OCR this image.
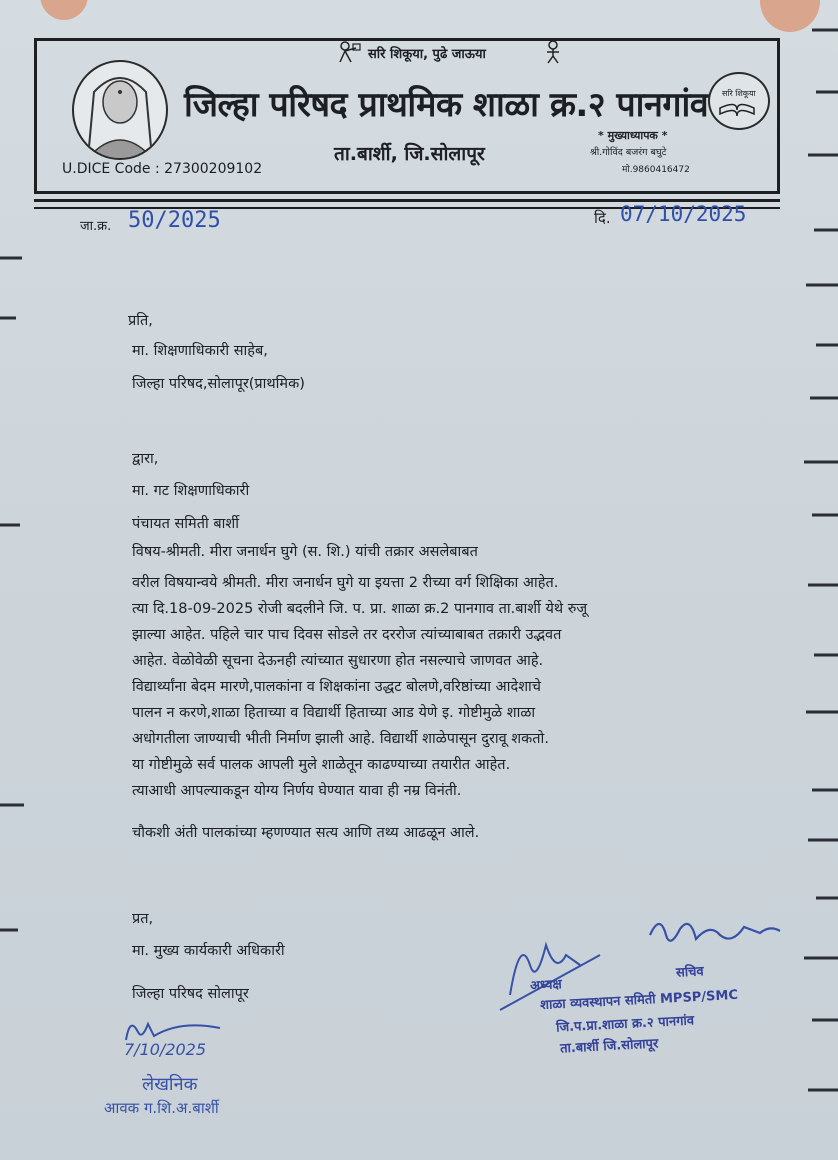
सरि शिकूया, पुढे जाऊया
जिल्हा परिषद प्राथमिक शाळा क्र.२ पानगांव
ता.बार्शी, जि.सोलापूर
U.DICE Code : 27300209102
सरि शिकूया
* मुख्याध्यापक *
श्री.गोविंद बजरंग बघुटे
मो.9860416472
जा.क्र. 50/2025	दि. 07/10/2025
प्रति,
मा. शिक्षणाधिकारी साहेब,
जिल्हा परिषद,सोलापूर(प्राथमिक)
द्वारा,
मा. गट शिक्षणाधिकारी
पंचायत समिती बार्शी
विषय-श्रीमती. मीरा जनार्धन घुगे (स. शि.) यांची तक्रार असलेबाबत
वरील विषयान्वये श्रीमती. मीरा जनार्धन घुगे या इयत्ता 2 रीच्या वर्ग शिक्षिका आहेत.
त्या दि.18-09-2025 रोजी बदलीने जि. प. प्रा. शाळा क्र.2 पानगाव ता.बार्शी येथे रुजू
झाल्या आहेत. पहिले चार पाच दिवस सोडले तर दररोज त्यांच्याबाबत तक्रारी उद्भवत
आहेत. वेळोवेळी सूचना देऊनही त्यांच्यात सुधारणा होत नसल्याचे जाणवत आहे.
विद्यार्थ्यांना बेदम मारणे,पालकांना व शिक्षकांना उद्धट बोलणे,वरिष्ठांच्या आदेशाचे
पालन न करणे,शाळा हिताच्या व विद्यार्थी हिताच्या आड येणे इ. गोष्टीमुळे शाळा
अधोगतीला जाण्याची भीती निर्माण झाली आहे. विद्यार्थी शाळेपासून दुरावू शकतो.
या गोष्टीमुळे सर्व पालक आपली मुले शाळेतून काढण्याच्या तयारीत आहेत.
त्याआधी आपल्याकडून योग्य निर्णय घेण्यात यावा ही नम्र विनंती.
चौकशी अंती पालकांच्या म्हणण्यात सत्य आणि तथ्य आढळून आले.
प्रत,
मा. मुख्य कार्यकारी अधिकारी
जिल्हा परिषद सोलापूर
7/10/2025
लेखनिक
आवक ग.शि.अ.बार्शी
अध्यक्ष
सचिव
शाळा व्यवस्थापन समिती MPSP/SMC
जि.प.प्रा.शाळा क्र.२ पानगांव
ता.बार्शी जि.सोलापूर
